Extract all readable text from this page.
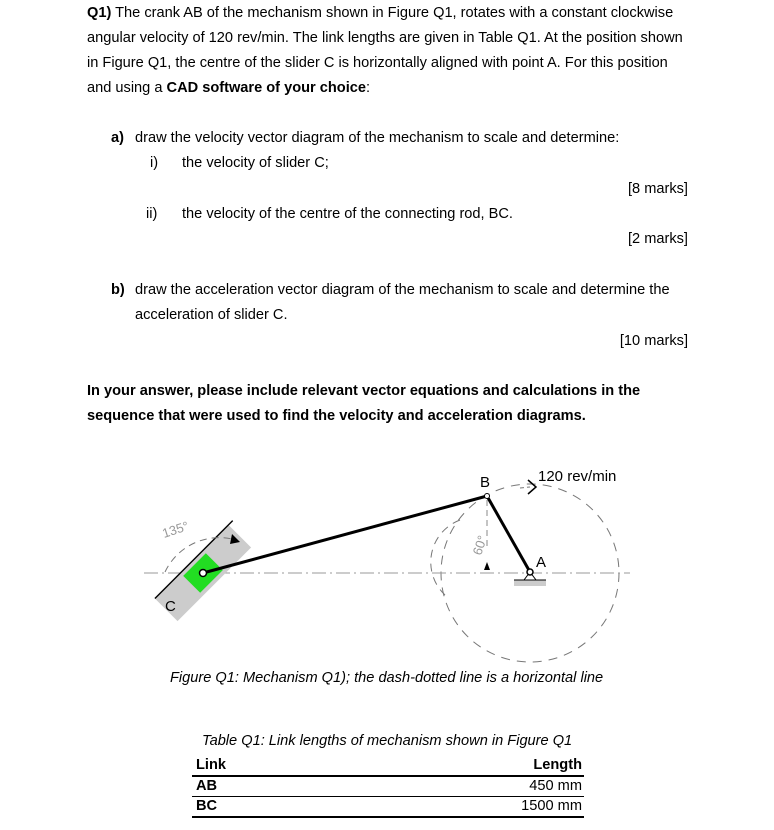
Q1) The crank AB of the mechanism shown in Figure Q1, rotates with a constant clockwise
angular velocity of 120 rev/min. The link lengths are given in Table Q1. At the position shown
in Figure Q1, the centre of the slider C is horizontally aligned with point A. For this position
and using a CAD software of your choice:
a) draw the velocity vector diagram of the mechanism to scale and determine:
i) the velocity of slider C;
[8 marks]
ii) the velocity of the centre of the connecting rod, BC.
[2 marks]
b) draw the acceleration vector diagram of the mechanism to scale and determine the
acceleration of slider C.
[10 marks]
In your answer, please include relevant vector equations and calculations in the
sequence that were used to find the velocity and acceleration diagrams.
B
A
C
120 rev/min
60°
135°
Figure Q1: Mechanism Q1); the dash-dotted line is a horizontal line
Table Q1: Link lengths of mechanism shown in Figure Q1
Link	Length
AB	450 mm
BC	1500 mm
